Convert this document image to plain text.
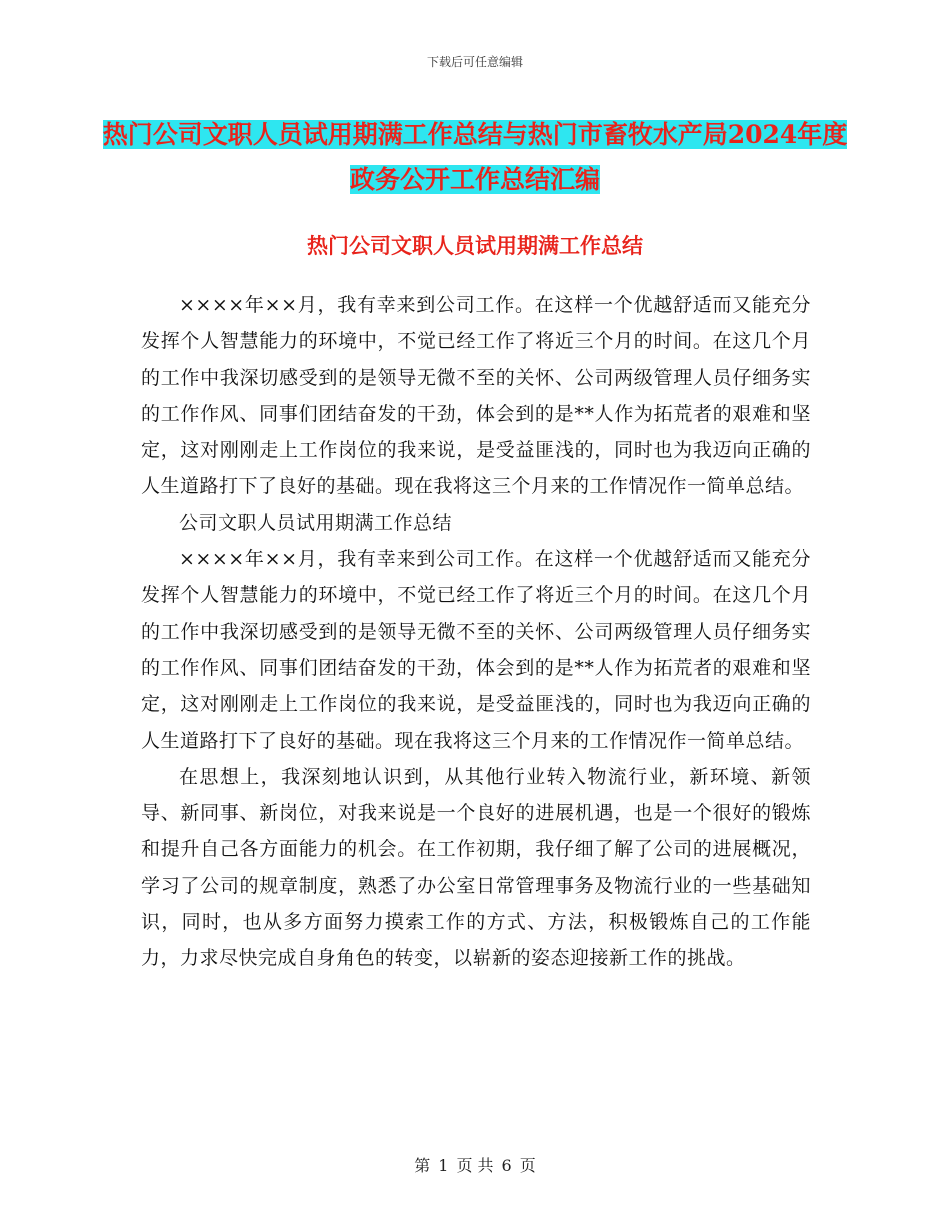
下载后可任意编辑
热门公司文职人员试用期满工作总结与热门市畜牧水产局2024年度政务公开工作总结汇编
热门公司文职人员试用期满工作总结

××××年××月，我有幸来到公司工作。在这样一个优越舒适而又能充分发挥个人智慧能力的环境中，不觉已经工作了将近三个月的时间。在这几个月的工作中我深切感受到的是领导无微不至的关怀、公司两级管理人员仔细务实的工作作风、同事们团结奋发的干劲，体会到的是**人作为拓荒者的艰难和坚定，这对刚刚走上工作岗位的我来说，是受益匪浅的，同时也为我迈向正确的人生道路打下了良好的基础。现在我将这三个月来的工作情况作一简单总结。

公司文职人员试用期满工作总结

××××年××月，我有幸来到公司工作。在这样一个优越舒适而又能充分发挥个人智慧能力的环境中，不觉已经工作了将近三个月的时间。在这几个月的工作中我深切感受到的是领导无微不至的关怀、公司两级管理人员仔细务实的工作作风、同事们团结奋发的干劲，体会到的是**人作为拓荒者的艰难和坚定，这对刚刚走上工作岗位的我来说，是受益匪浅的，同时也为我迈向正确的人生道路打下了良好的基础。现在我将这三个月来的工作情况作一简单总结。

在思想上，我深刻地认识到，从其他行业转入物流行业，新环境、新领导、新同事、新岗位，对我来说是一个良好的进展机遇，也是一个很好的锻炼和提升自己各方面能力的机会。在工作初期，我仔细了解了公司的进展概况，学习了公司的规章制度，熟悉了办公室日常管理事务及物流行业的一些基础知识，同时，也从多方面努力摸索工作的方式、方法，积极锻炼自己的工作能力，力求尽快完成自身角色的转变，以崭新的姿态迎接新工作的挑战。

第 1 页 共 6 页
